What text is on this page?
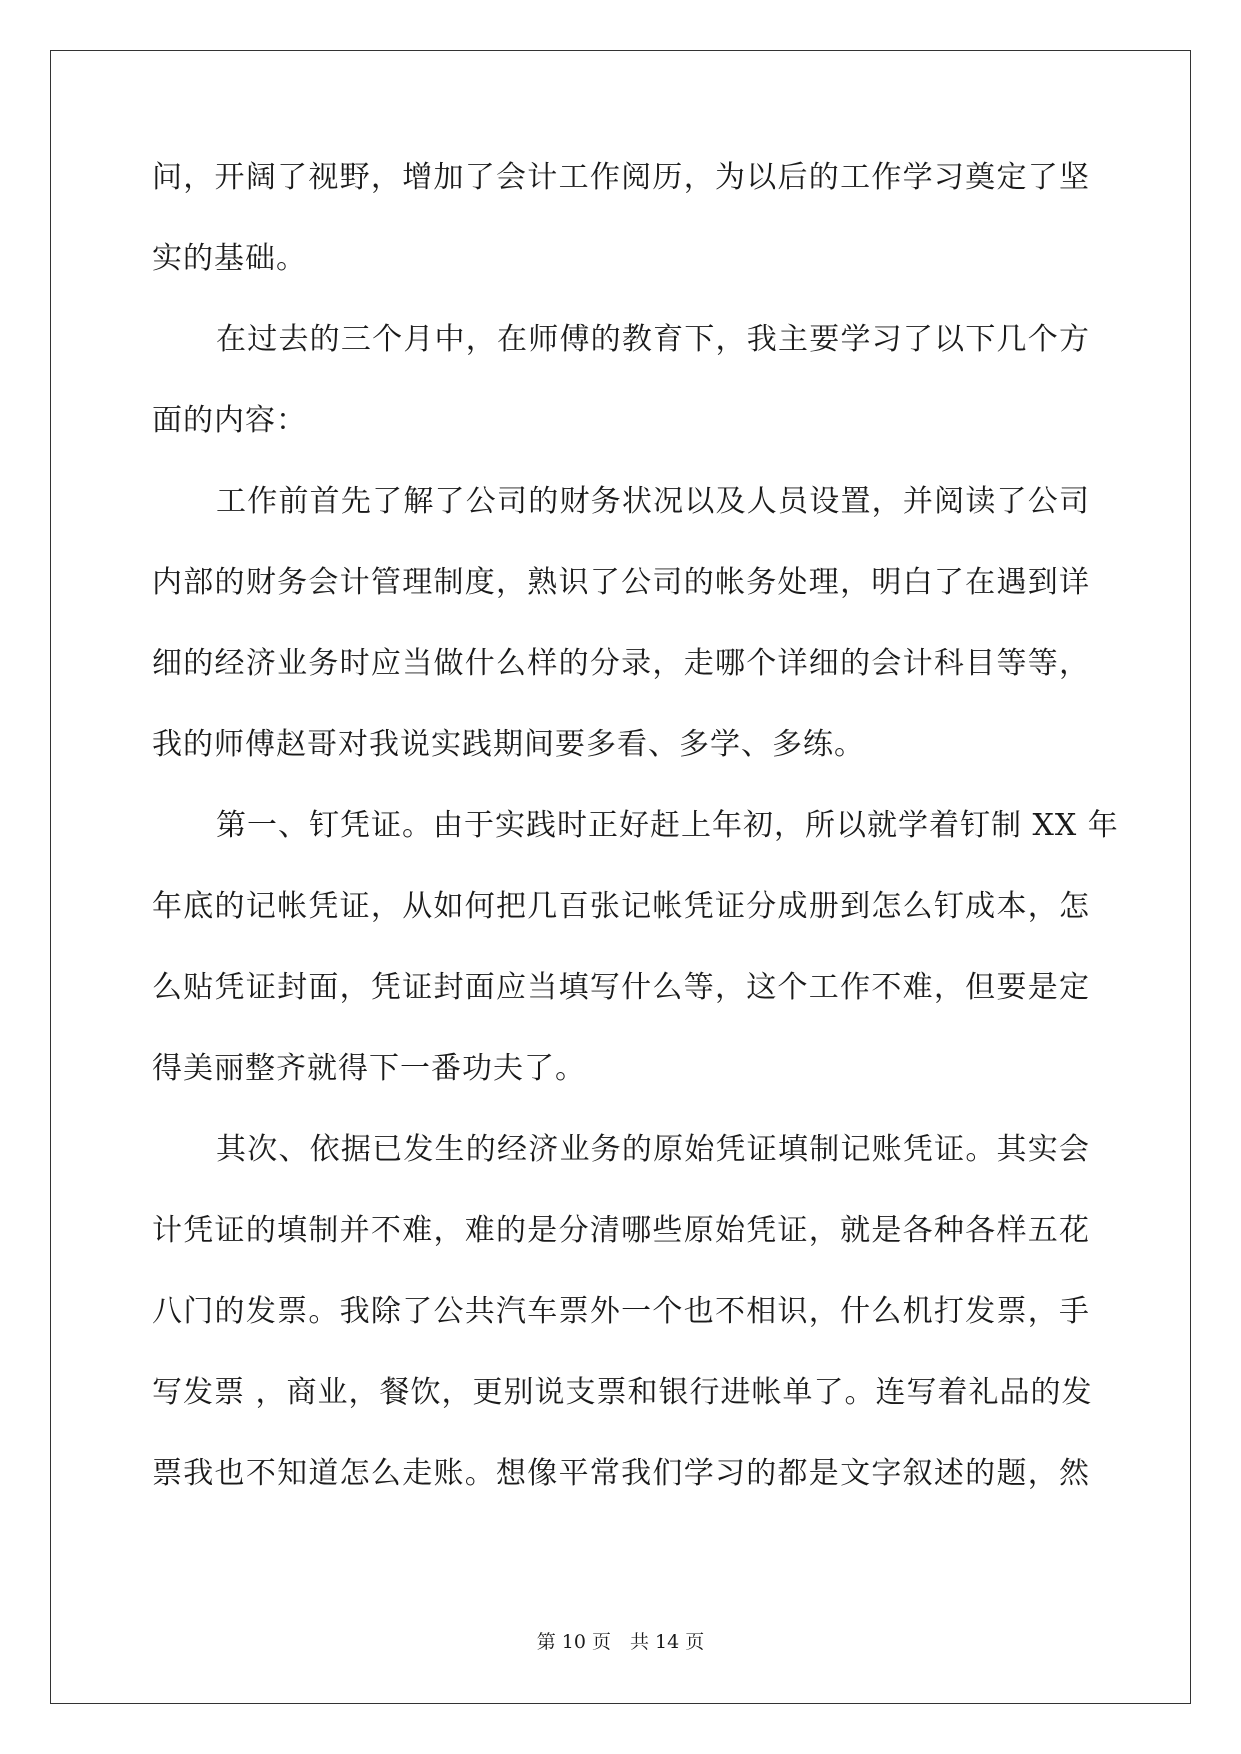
问，开阔了视野，增加了会计工作阅历，为以后的工作学习奠定了坚
实的基础。
在过去的三个月中，在师傅的教育下，我主要学习了以下几个方
面的内容：
工作前首先了解了公司的财务状况以及人员设置，并阅读了公司
内部的财务会计管理制度，熟识了公司的帐务处理，明白了在遇到详
细的经济业务时应当做什么样的分录，走哪个详细的会计科目等等，
我的师傅赵哥对我说实践期间要多看、多学、多练。
第一、钉凭证。由于实践时正好赶上年初，所以就学着钉制 XX 年
年底的记帐凭证，从如何把几百张记帐凭证分成册到怎么钉成本，怎
么贴凭证封面，凭证封面应当填写什么等，这个工作不难，但要是定
得美丽整齐就得下一番功夫了。
其次、依据已发生的经济业务的原始凭证填制记账凭证。其实会
计凭证的填制并不难，难的是分清哪些原始凭证，就是各种各样五花
八门的发票。我除了公共汽车票外一个也不相识，什么机打发票，手
写发票 ，商业，餐饮，更别说支票和银行进帐单了。连写着礼品的发
票我也不知道怎么走账。想像平常我们学习的都是文字叙述的题，然
第 10 页　共 14 页
